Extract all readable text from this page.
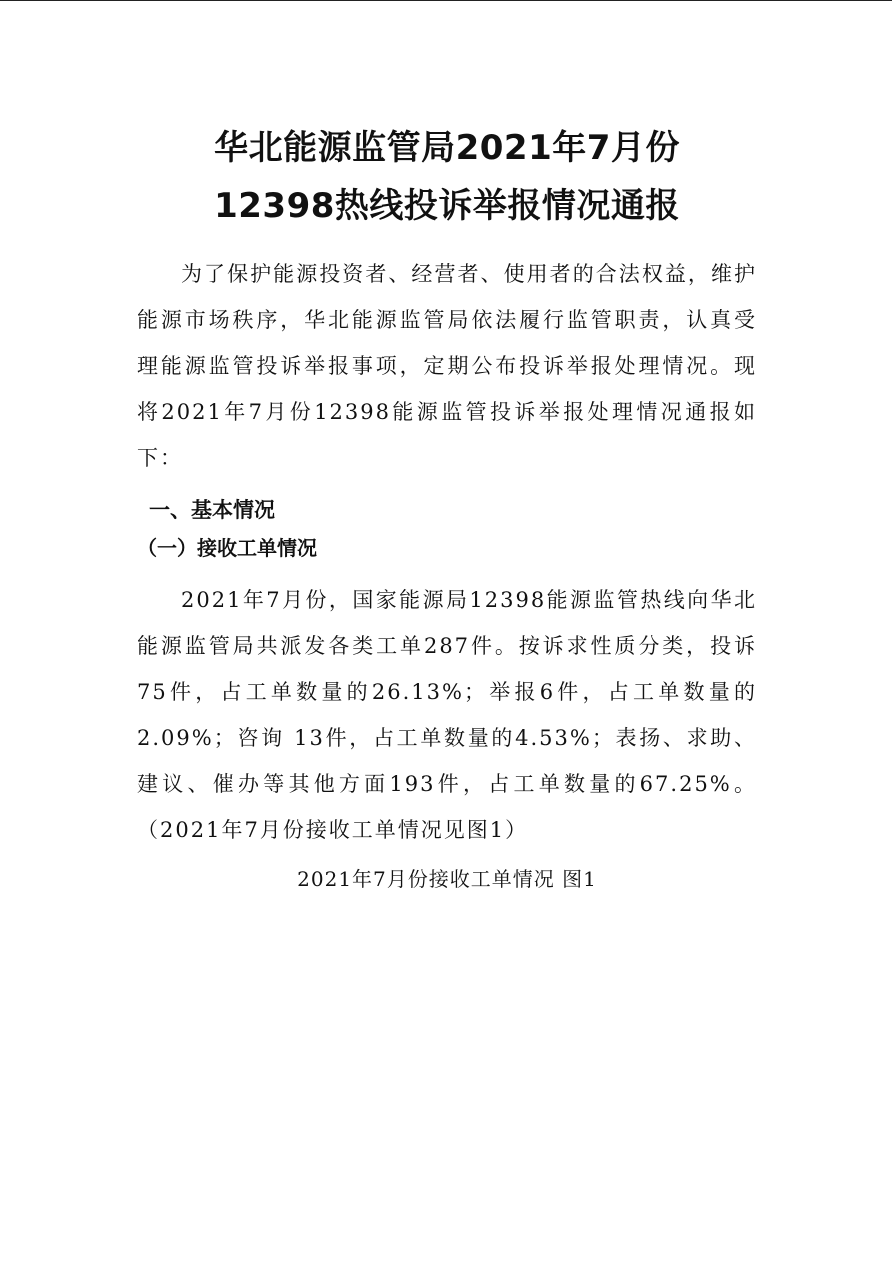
华北能源监管局2021年7月份
12398热线投诉举报情况通报

为了保护能源投资者、经营者、使用者的合法权益，维护能源市场秩序，华北能源监管局依法履行监管职责，认真受理能源监管投诉举报事项，定期公布投诉举报处理情况。现将2021年7月份12398能源监管投诉举报处理情况通报如下：

一、基本情况
（一）接收工单情况

2021年7月份，国家能源局12398能源监管热线向华北能源监管局共派发各类工单287件。按诉求性质分类，投诉75件，占工单数量的26.13%；举报6件，占工单数量的2.09%；咨询 13件，占工单数量的4.53%；表扬、求助、建议、催办等其他方面193件，占工单数量的67.25%。（2021年7月份接收工单情况见图1）

2021年7月份接收工单情况 图1
